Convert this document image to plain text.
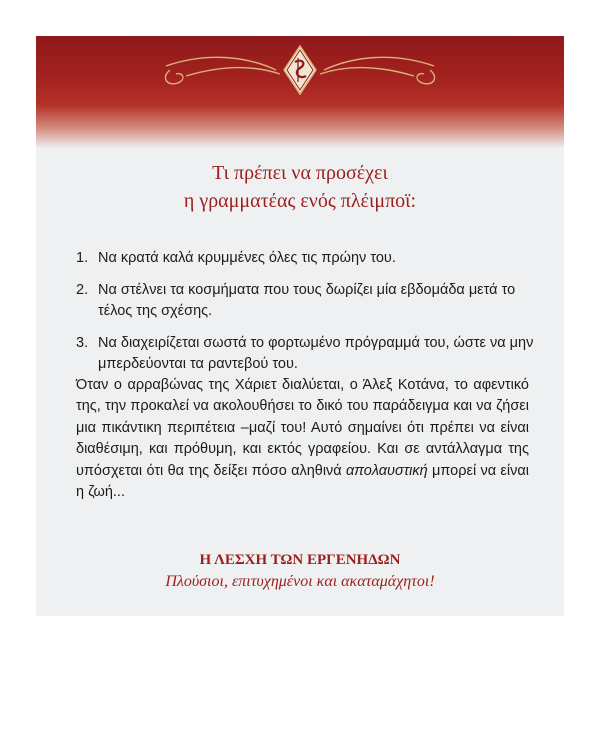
Τι πρέπει να προσέχει
η γραμματέας ενός πλέιμποϊ:
1. Να κρατά καλά κρυμμένες όλες τις πρώην του.
2. Να στέλνει τα κοσμήματα που τους δωρίζει μία εβδομάδα μετά το τέλος της σχέσης.
3. Να διαχειρίζεται σωστά το φορτωμένο πρόγραμμά του, ώστε να μην μπερδεύονται τα ραντεβού του.

Όταν ο αρραβώνας της Χάριετ διαλύεται, ο Άλεξ Κοτάνα, το αφεντικό της, την προκαλεί να ακολουθήσει το δικό του παράδειγμα και να ζήσει μια πικάντικη περιπέτεια –μαζί του! Αυτό σημαίνει ότι πρέπει να είναι διαθέσιμη, και πρόθυμη, και εκτός γραφείου. Και σε αντάλλαγμα της υπόσχεται ότι θα της δείξει πόσο αληθινά απολαυστική μπορεί να είναι η ζωή...

Η ΛΕΣΧΗ ΤΩΝ ΕΡΓΕΝΗΔΩΝ

Πλούσιοι, επιτυχημένοι και ακαταμάχητοι!
